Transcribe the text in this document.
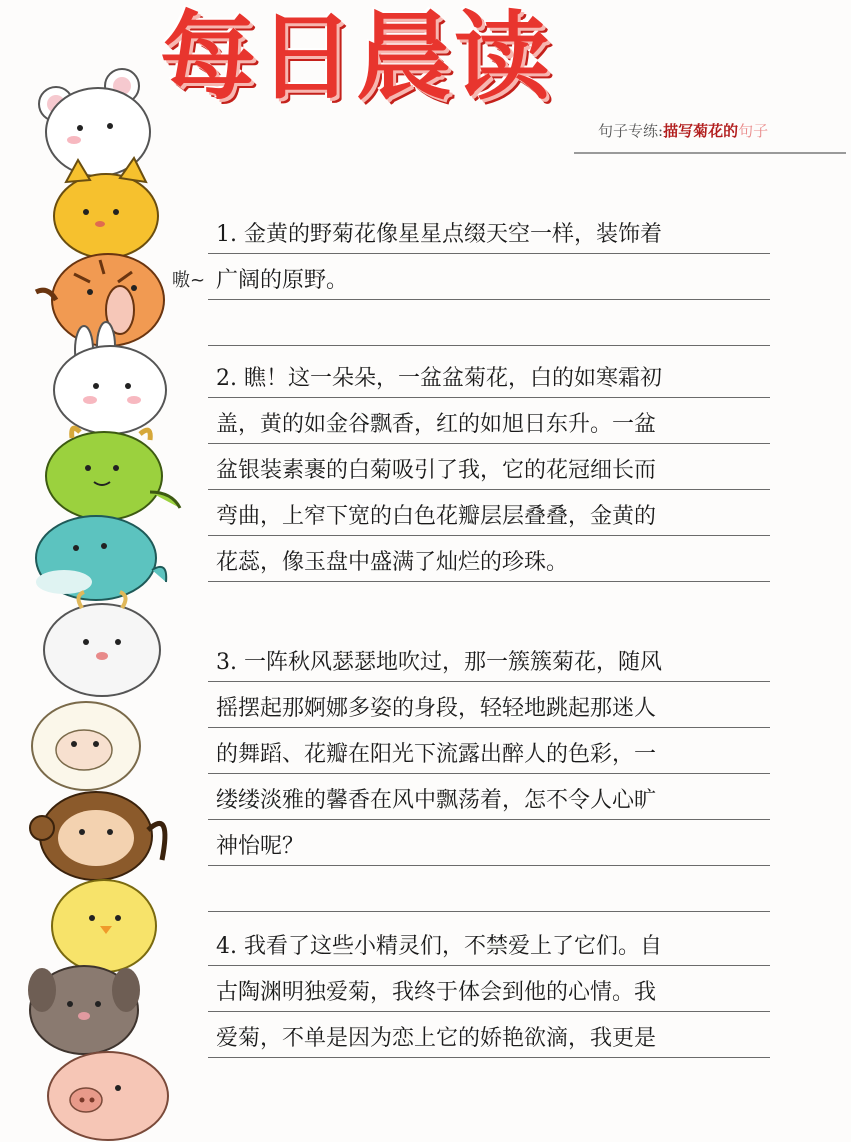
每日晨读
句子专练:描写菊花的句子
1. 金黄的野菊花像星星点缀天空一样，装饰着
广阔的原野。
2. 瞧！这一朵朵，一盆盆菊花，白的如寒霜初
盖，黄的如金谷飘香，红的如旭日东升。一盆
盆银装素裹的白菊吸引了我，它的花冠细长而
弯曲，上窄下宽的白色花瓣层层叠叠，金黄的
花蕊，像玉盘中盛满了灿烂的珍珠。
3. 一阵秋风瑟瑟地吹过，那一簇簇菊花，随风
摇摆起那婀娜多姿的身段，轻轻地跳起那迷人
的舞蹈、花瓣在阳光下流露出醉人的色彩，一
缕缕淡雅的馨香在风中飘荡着，怎不令人心旷
神怡呢？
4. 我看了这些小精灵们，不禁爱上了它们。自
古陶渊明独爱菊，我终于体会到他的心情。我
爱菊，不单是因为恋上它的娇艳欲滴，我更是
嗷~
